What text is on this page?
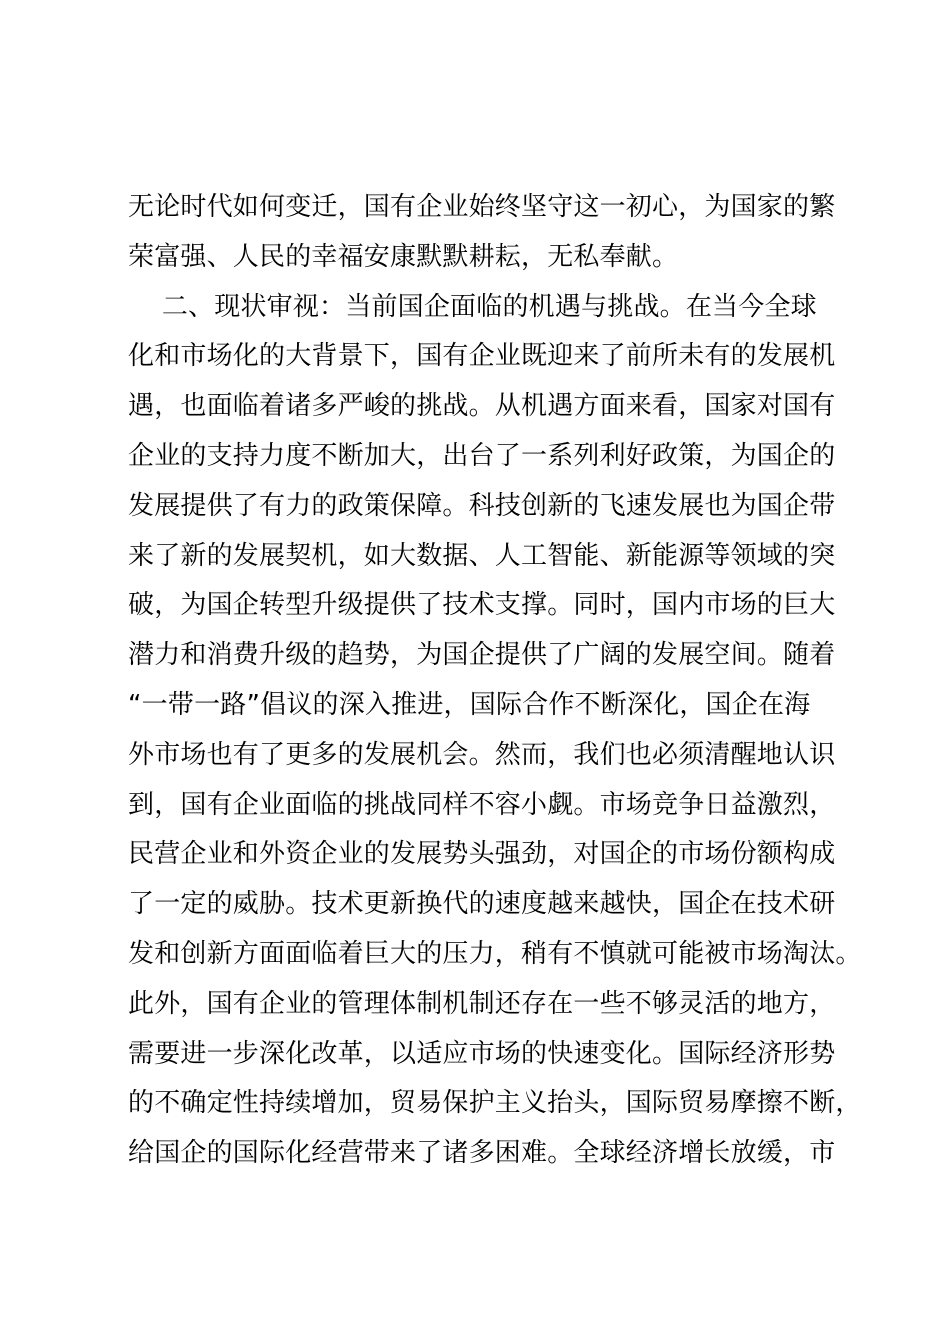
无论时代如何变迁，国有企业始终坚守这一初心，为国家的繁
荣富强、人民的幸福安康默默耕耘，无私奉献。
二、现状审视：当前国企面临的机遇与挑战。在当今全球
化和市场化的大背景下，国有企业既迎来了前所未有的发展机
遇，也面临着诸多严峻的挑战。从机遇方面来看，国家对国有
企业的支持力度不断加大，出台了一系列利好政策，为国企的
发展提供了有力的政策保障。科技创新的飞速发展也为国企带
来了新的发展契机，如大数据、人工智能、新能源等领域的突
破，为国企转型升级提供了技术支撑。同时，国内市场的巨大
潜力和消费升级的趋势，为国企提供了广阔的发展空间。随着
“一带一路”倡议的深入推进，国际合作不断深化，国企在海
外市场也有了更多的发展机会。然而，我们也必须清醒地认识
到，国有企业面临的挑战同样不容小觑。市场竞争日益激烈，
民营企业和外资企业的发展势头强劲，对国企的市场份额构成
了一定的威胁。技术更新换代的速度越来越快，国企在技术研
发和创新方面面临着巨大的压力，稍有不慎就可能被市场淘汰。
此外，国有企业的管理体制机制还存在一些不够灵活的地方，
需要进一步深化改革，以适应市场的快速变化。国际经济形势
的不确定性持续增加，贸易保护主义抬头，国际贸易摩擦不断，
给国企的国际化经营带来了诸多困难。全球经济增长放缓，市
